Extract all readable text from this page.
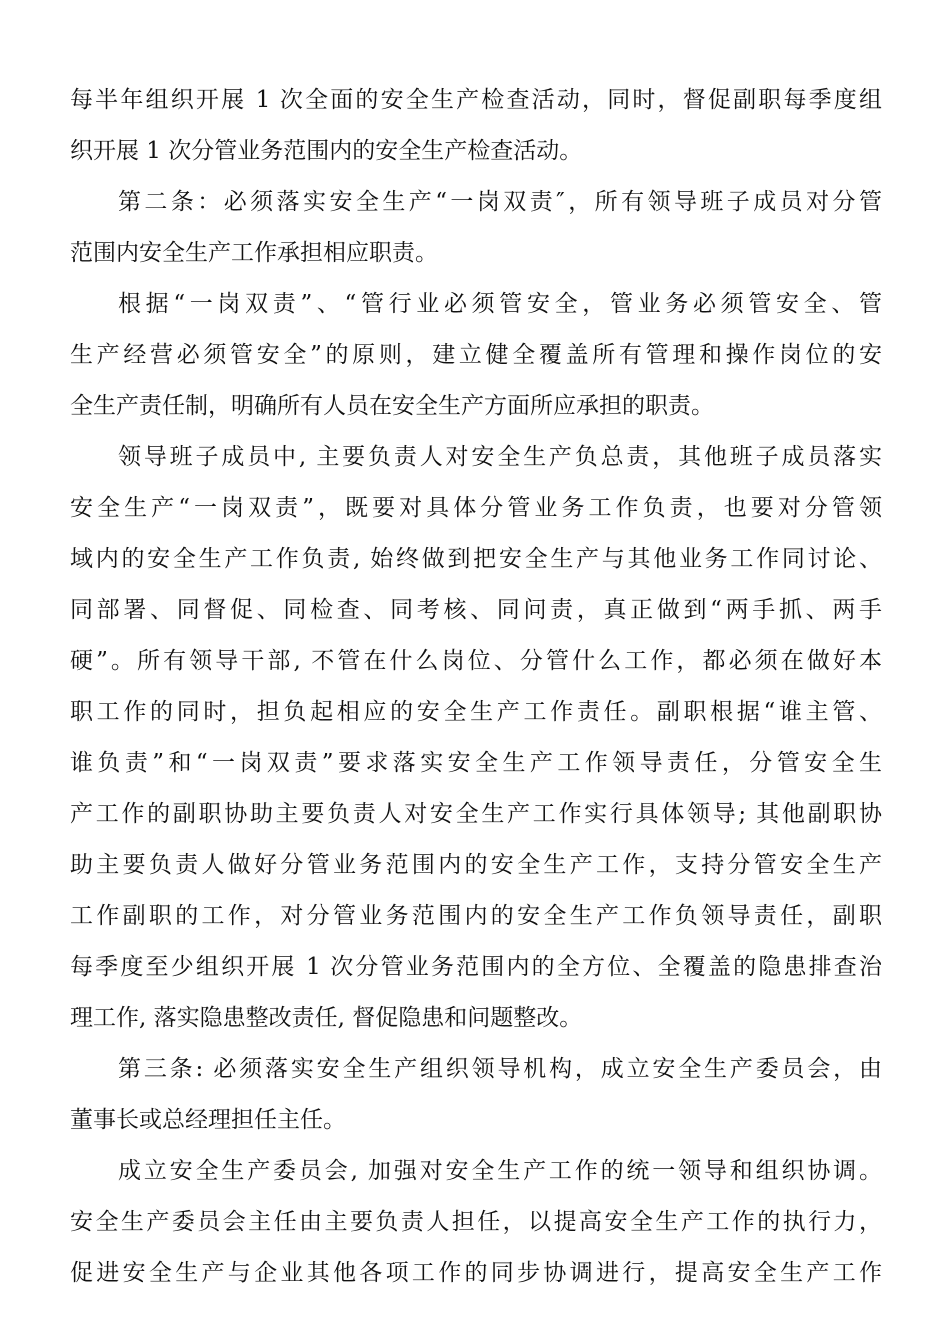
每半年组织开展 1 次全面的安全生产检查活动，同时，督促副职每季度组
织开展 1 次分管业务范围内的安全生产检查活动。
第二条：必须落实安全生产“一岗双责″，所有领导班子成员对分管
范围内安全生产工作承担相应职责。
根据“一岗双责”、“管行业必须管安全，管业务必须管安全、管
生产经营必须管安全”的原则，建立健全覆盖所有管理和操作岗位的安
全生产责任制，明确所有人员在安全生产方面所应承担的职责。
领导班子成员中, 主要负责人对安全生产负总责，其他班子成员落实
安全生产“一岗双责”，既要对具体分管业务工作负责，也要对分管领
域内的安全生产工作负责, 始终做到把安全生产与其他业务工作同讨论、
同部署、同督促、同检查、同考核、同问责，真正做到“两手抓、两手
硬”。所有领导干部, 不管在什么岗位、分管什么工作，都必须在做好本
职工作的同时，担负起相应的安全生产工作责任。副职根据“谁主管、
谁负责”和“一岗双责”要求落实安全生产工作领导责任，分管安全生
产工作的副职协助主要负责人对安全生产工作实行具体领导; 其他副职协
助主要负责人做好分管业务范围内的安全生产工作，支持分管安全生产
工作副职的工作，对分管业务范围内的安全生产工作负领导责任，副职
每季度至少组织开展 1 次分管业务范围内的全方位、全覆盖的隐患排查治
理工作, 落实隐患整改责任, 督促隐患和问题整改。
第三条: 必须落实安全生产组织领导机构，成立安全生产委员会，由
董事长或总经理担任主任。
成立安全生产委员会, 加强对安全生产工作的统一领导和组织协调。
安全生产委员会主任由主要负责人担任，以提高安全生产工作的执行力，
促进安全生产与企业其他各项工作的同步协调进行，提高安全生产工作
